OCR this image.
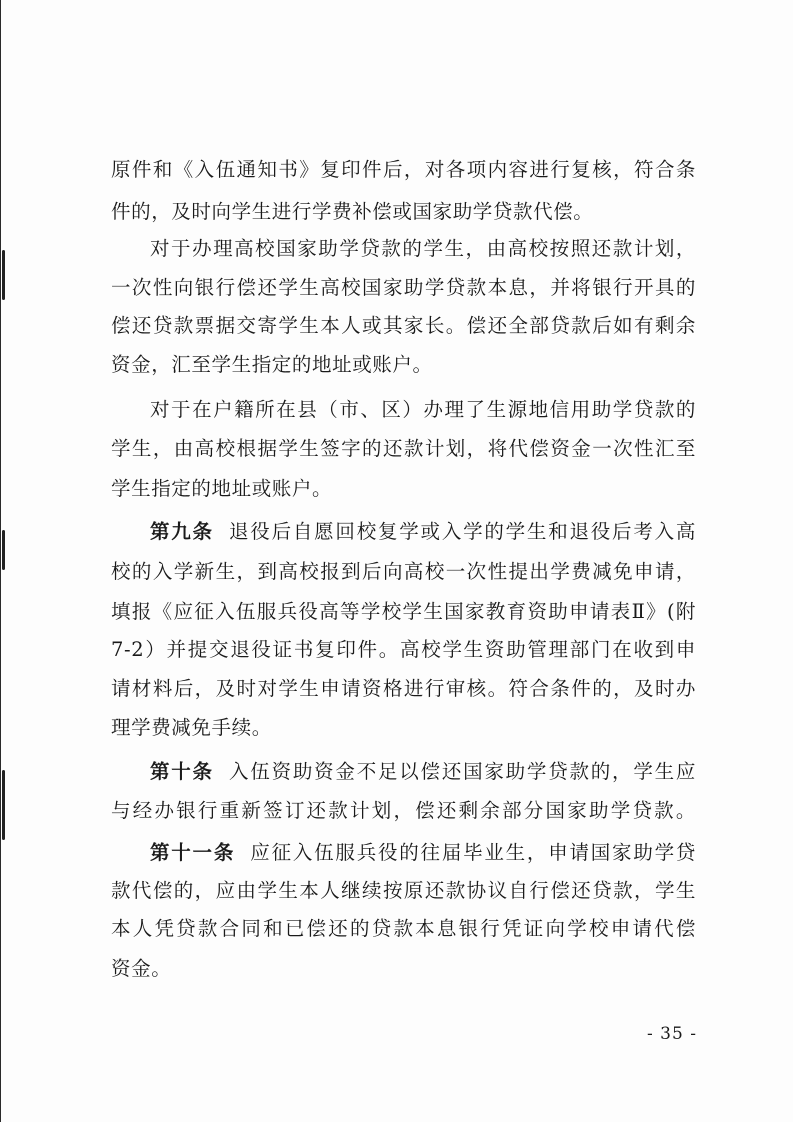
原件和《入伍通知书》复印件后，对各项内容进行复核，符合条
件的，及时向学生进行学费补偿或国家助学贷款代偿。
对于办理高校国家助学贷款的学生，由高校按照还款计划，
一次性向银行偿还学生高校国家助学贷款本息，并将银行开具的
偿还贷款票据交寄学生本人或其家长。偿还全部贷款后如有剩余
资金，汇至学生指定的地址或账户。
对于在户籍所在县（市、区）办理了生源地信用助学贷款的
学生，由高校根据学生签字的还款计划，将代偿资金一次性汇至
学生指定的地址或账户。
第九条 退役后自愿回校复学或入学的学生和退役后考入高
校的入学新生，到高校报到后向高校一次性提出学费减免申请，
填报《应征入伍服兵役高等学校学生国家教育资助申请表Ⅱ》(附
7-2）并提交退役证书复印件。高校学生资助管理部门在收到申
请材料后，及时对学生申请资格进行审核。符合条件的，及时办
理学费减免手续。
第十条 入伍资助资金不足以偿还国家助学贷款的，学生应
与经办银行重新签订还款计划，偿还剩余部分国家助学贷款。
第十一条 应征入伍服兵役的往届毕业生，申请国家助学贷
款代偿的，应由学生本人继续按原还款协议自行偿还贷款，学生
本人凭贷款合同和已偿还的贷款本息银行凭证向学校申请代偿
资金。
- 35 -
